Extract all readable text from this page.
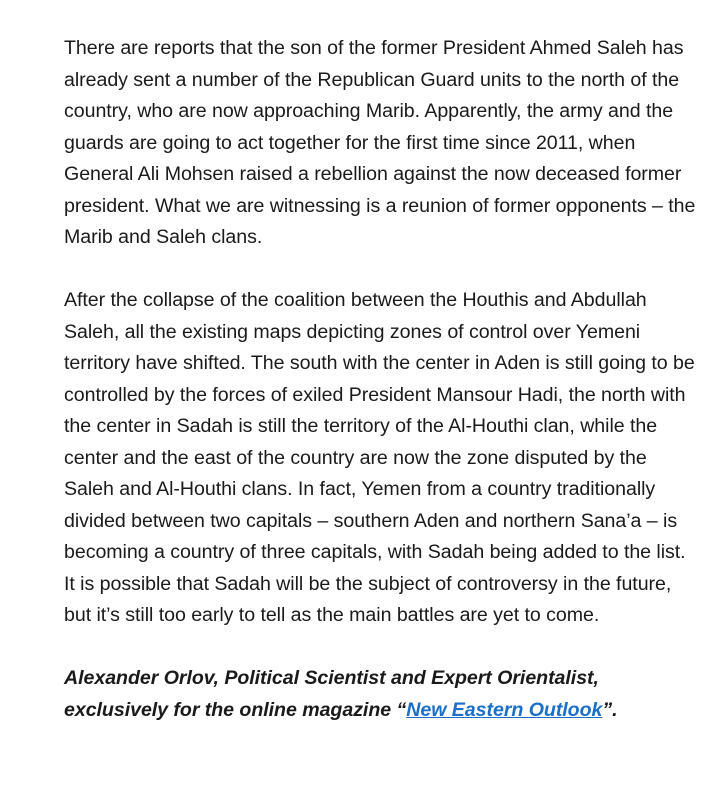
There are reports that the son of the former President Ahmed Saleh has already sent a number of the Republican Guard units to the north of the country, who are now approaching Marib. Apparently, the army and the guards are going to act together for the first time since 2011, when General Ali Mohsen raised a rebellion against the now deceased former president. What we are witnessing is a reunion of former opponents – the Marib and Saleh clans.

After the collapse of the coalition between the Houthis and Abdullah Saleh, all the existing maps depicting zones of control over Yemeni territory have shifted. The south with the center in Aden is still going to be controlled by the forces of exiled President Mansour Hadi, the north with the center in Sadah is still the territory of the Al-Houthi clan, while the center and the east of the country are now the zone disputed by the Saleh and Al-Houthi clans. In fact, Yemen from a country traditionally divided between two capitals – southern Aden and northern Sana’a – is becoming a country of three capitals, with Sadah being added to the list. It is possible that Sadah will be the subject of controversy in the future, but it’s still too early to tell as the main battles are yet to come.

Alexander Orlov, Political Scientist and Expert Orientalist, exclusively for the online magazine “New Eastern Outlook”.
